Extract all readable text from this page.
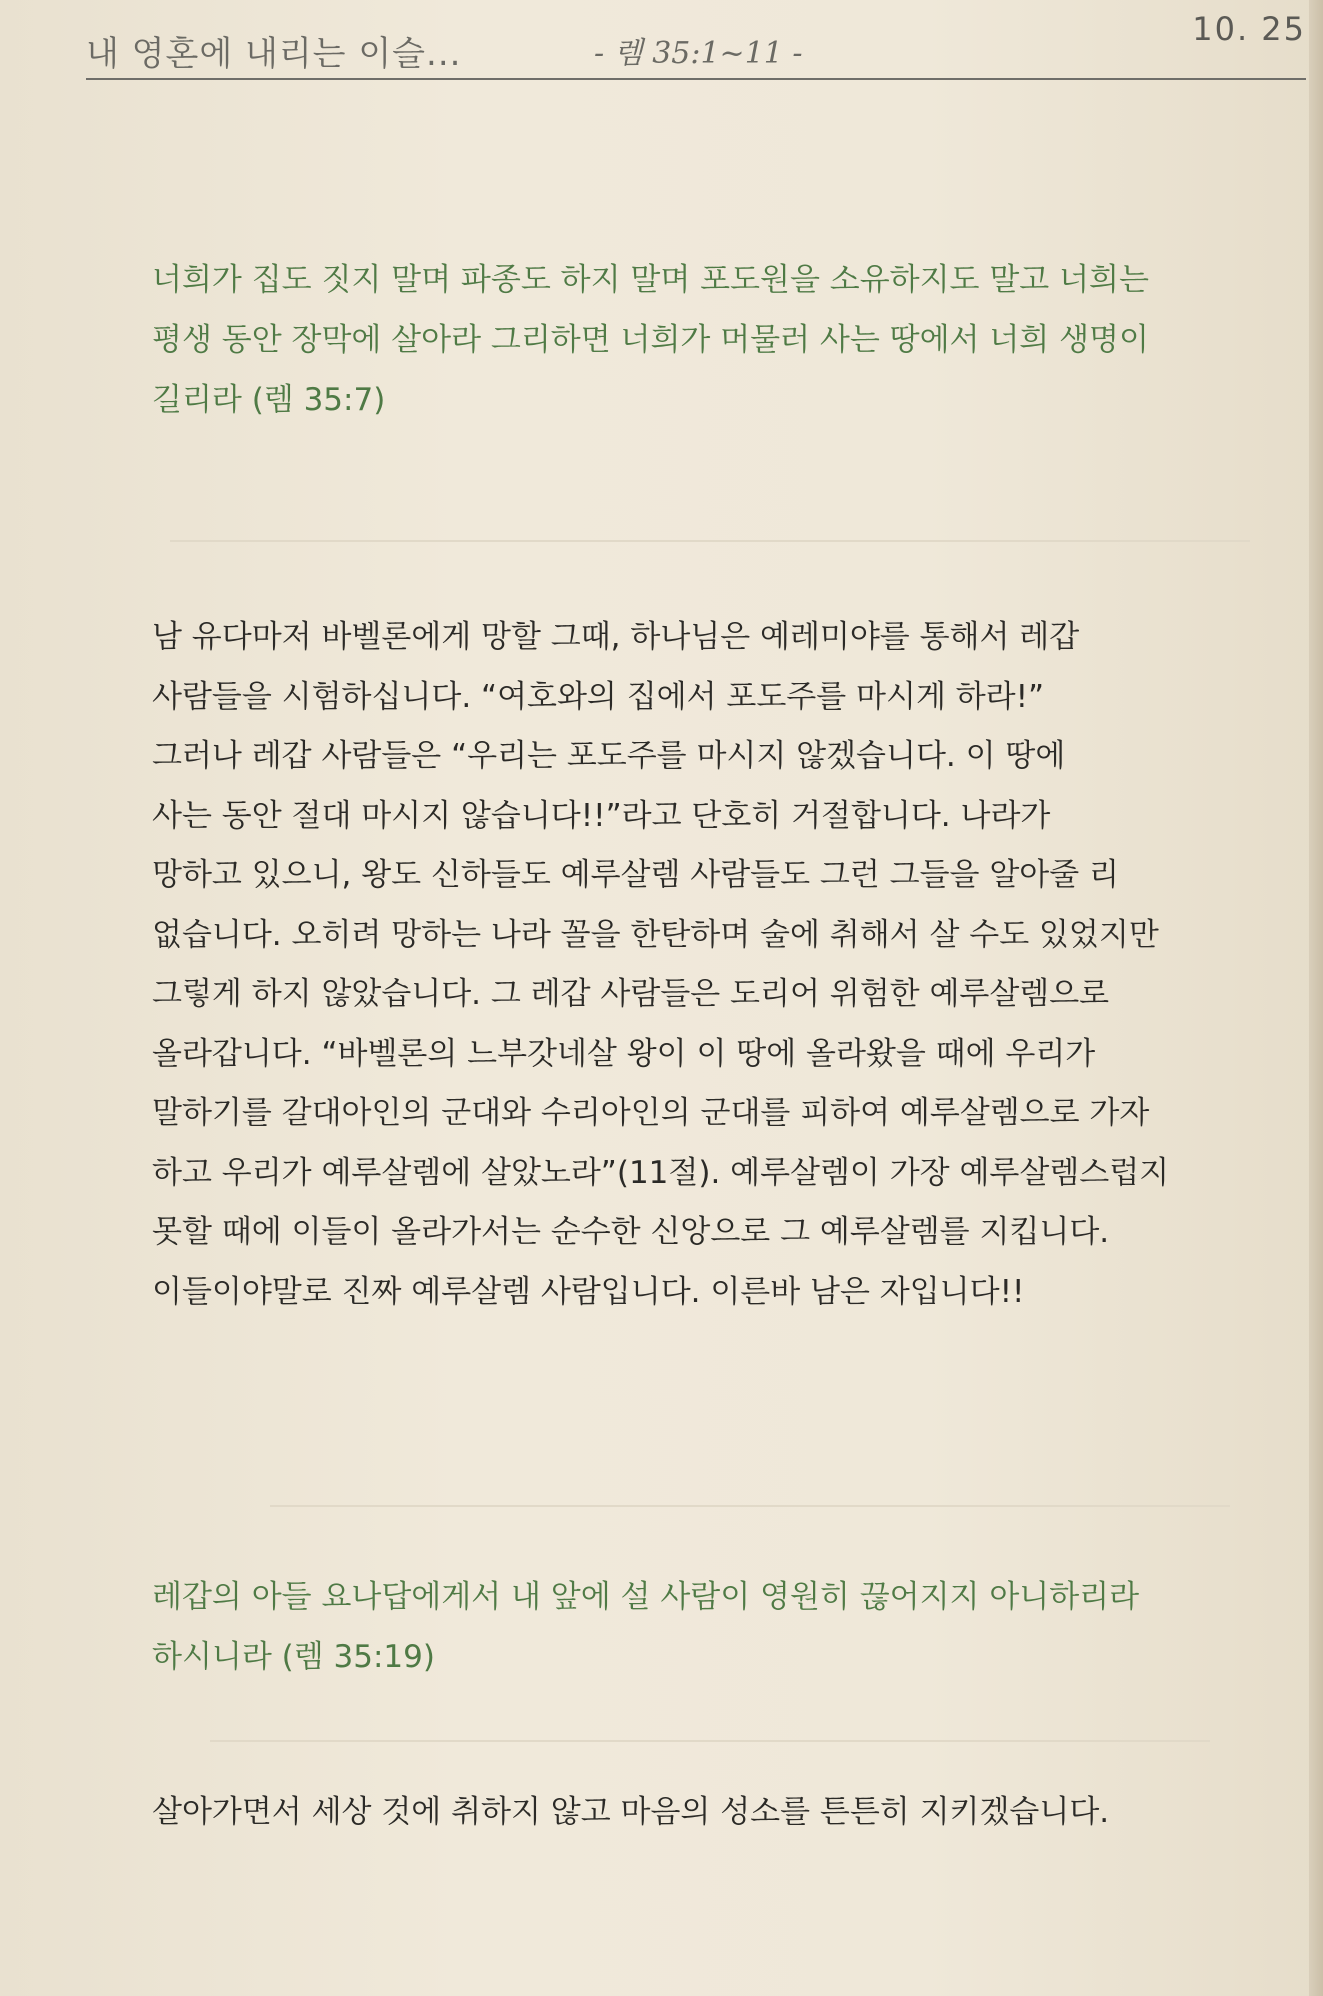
내 영혼에 내리는 이슬...	- 렘 35:1~11 -
10. 25

너희가 집도 짓지 말며 파종도 하지 말며 포도원을 소유하지도 말고 너희는

평생 동안 장막에 살아라 그리하면 너희가 머물러 사는 땅에서 너희 생명이

길리라 (렘 35:7)

남 유다마저 바벨론에게 망할 그때, 하나님은 예레미야를 통해서 레갑

사람들을 시험하십니다. “여호와의 집에서 포도주를 마시게 하라!”

그러나 레갑 사람들은 “우리는 포도주를 마시지 않겠습니다. 이 땅에

사는 동안 절대 마시지 않습니다!!”라고 단호히 거절합니다. 나라가

망하고 있으니, 왕도 신하들도 예루살렘 사람들도 그런 그들을 알아줄 리

없습니다. 오히려 망하는 나라 꼴을 한탄하며 술에 취해서 살 수도 있었지만

그렇게 하지 않았습니다. 그 레갑 사람들은 도리어 위험한 예루살렘으로

올라갑니다. “바벨론의 느부갓네살 왕이 이 땅에 올라왔을 때에 우리가

말하기를 갈대아인의 군대와 수리아인의 군대를 피하여 예루살렘으로 가자

하고 우리가 예루살렘에 살았노라”(11절). 예루살렘이 가장 예루살렘스럽지

못할 때에 이들이 올라가서는 순수한 신앙으로 그 예루살렘를 지킵니다.

이들이야말로 진짜 예루살렘 사람입니다. 이른바 남은 자입니다!!

레갑의 아들 요나답에게서 내 앞에 설 사람이 영원히 끊어지지 아니하리라

하시니라 (렘 35:19)

살아가면서 세상 것에 취하지 않고 마음의 성소를 튼튼히 지키겠습니다.
